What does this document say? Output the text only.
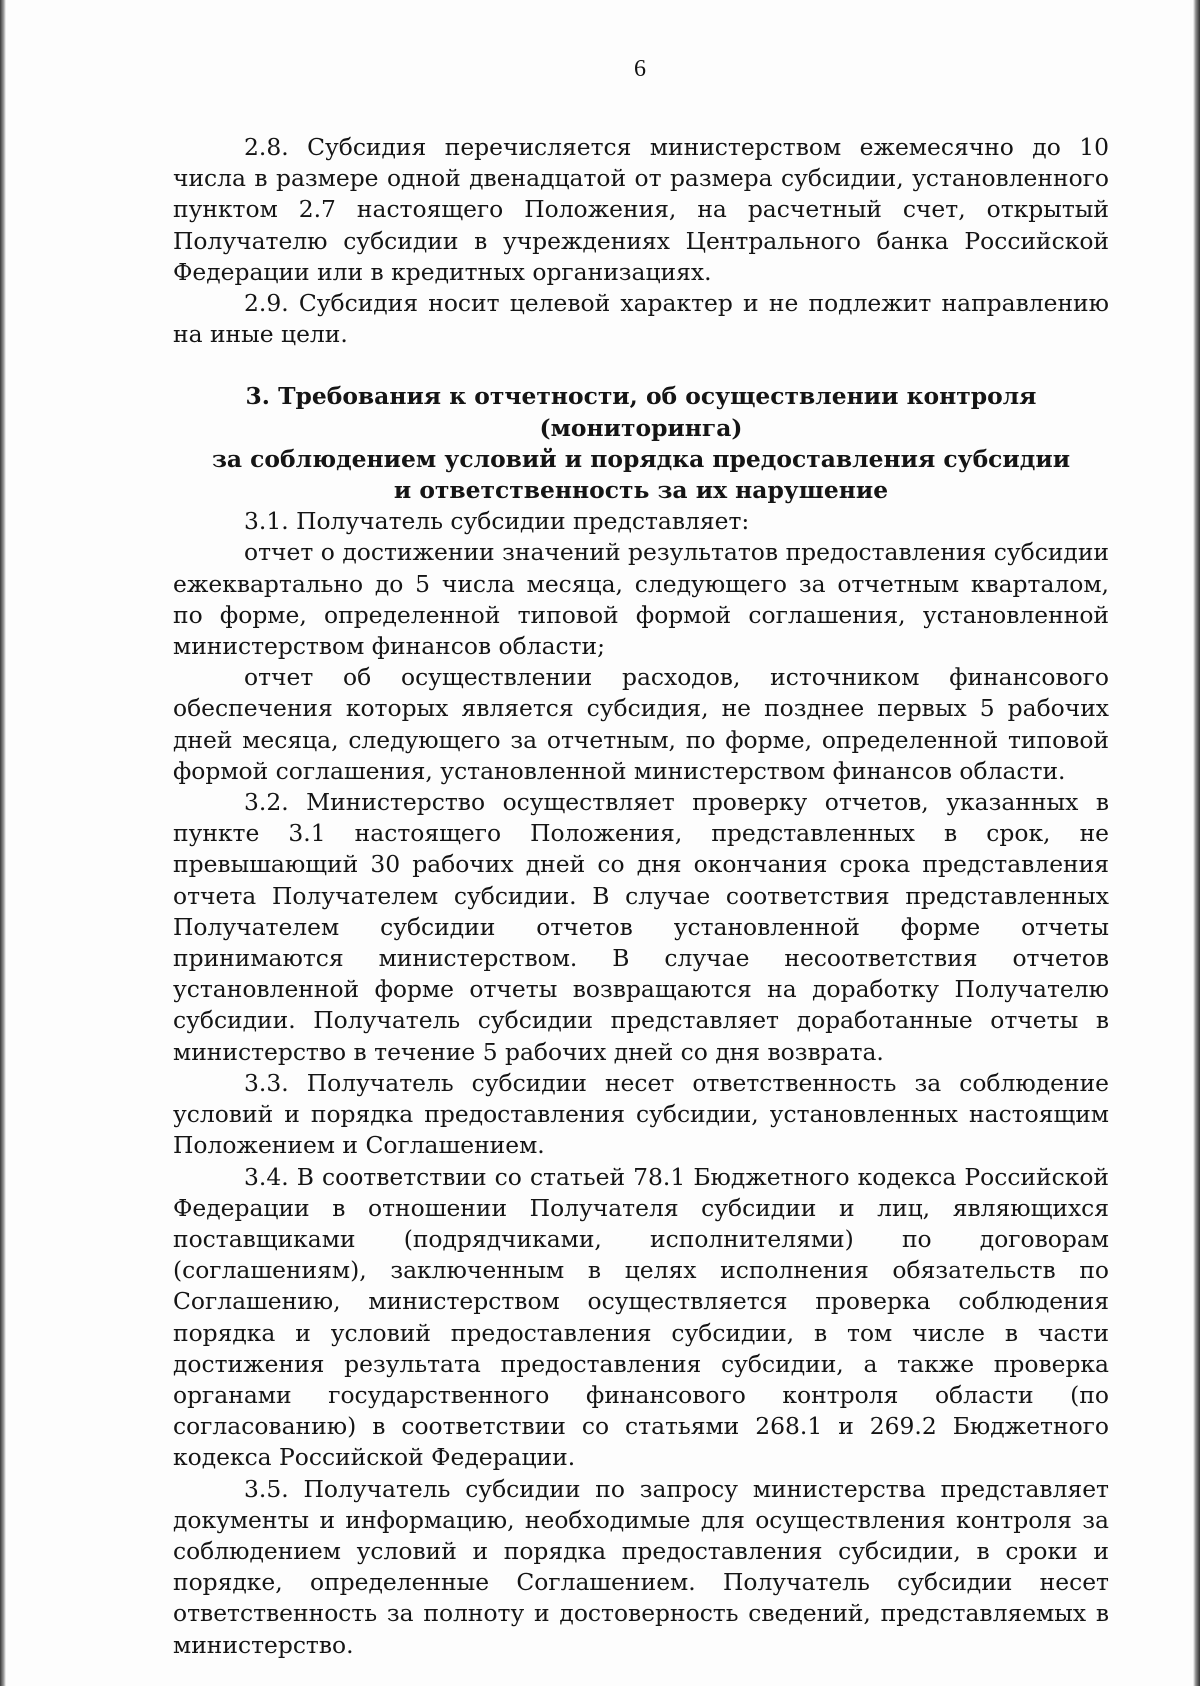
6

2.8. Субсидия перечисляется министерством ежемесячно до 10 числа в размере одной двенадцатой от размера субсидии, установленного пунктом 2.7 настоящего Положения, на расчетный счет, открытый Получателю субсидии в учреждениях Центрального банка Российской Федерации или в кредитных организациях.

2.9. Субсидия носит целевой характер и не подлежит направлению на иные цели.

3. Требования к отчетности, об осуществлении контроля (мониторинга)
за соблюдением условий и порядка предоставления субсидии
и ответственность за их нарушение

3.1. Получатель субсидии представляет:

отчет о достижении значений результатов предоставления субсидии ежеквартально до 5 числа месяца, следующего за отчетным кварталом, по форме, определенной типовой формой соглашения, установленной министерством финансов области;

отчет об осуществлении расходов, источником финансового обеспечения которых является субсидия, не позднее первых 5 рабочих дней месяца, следующего за отчетным, по форме, определенной типовой формой соглашения, установленной министерством финансов области.

3.2. Министерство осуществляет проверку отчетов, указанных в пункте 3.1 настоящего Положения, представленных в срок, не превышающий 30 рабочих дней со дня окончания срока представления отчета Получателем субсидии. В случае соответствия представленных Получателем субсидии отчетов установленной форме отчеты принимаются министерством. В случае несоответствия отчетов установленной форме отчеты возвращаются на доработку Получателю субсидии. Получатель субсидии представляет доработанные отчеты в министерство в течение 5 рабочих дней со дня возврата.

3.3. Получатель субсидии несет ответственность за соблюдение условий и порядка предоставления субсидии, установленных настоящим Положением и Соглашением.

3.4. В соответствии со статьей 78.1 Бюджетного кодекса Российской Федерации в отношении Получателя субсидии и лиц, являющихся поставщиками (подрядчиками, исполнителями) по договорам (соглашениям), заключенным в целях исполнения обязательств по Соглашению, министерством осуществляется проверка соблюдения порядка и условий предоставления субсидии, в том числе в части достижения результата предоставления субсидии, а также проверка органами государственного финансового контроля области (по согласованию) в соответствии со статьями 268.1 и 269.2 Бюджетного кодекса Российской Федерации.

3.5. Получатель субсидии по запросу министерства представляет документы и информацию, необходимые для осуществления контроля за соблюдением условий и порядка предоставления субсидии, в сроки и порядке, определенные Соглашением. Получатель субсидии несет ответственность за полноту и достоверность сведений, представляемых в министерство.
